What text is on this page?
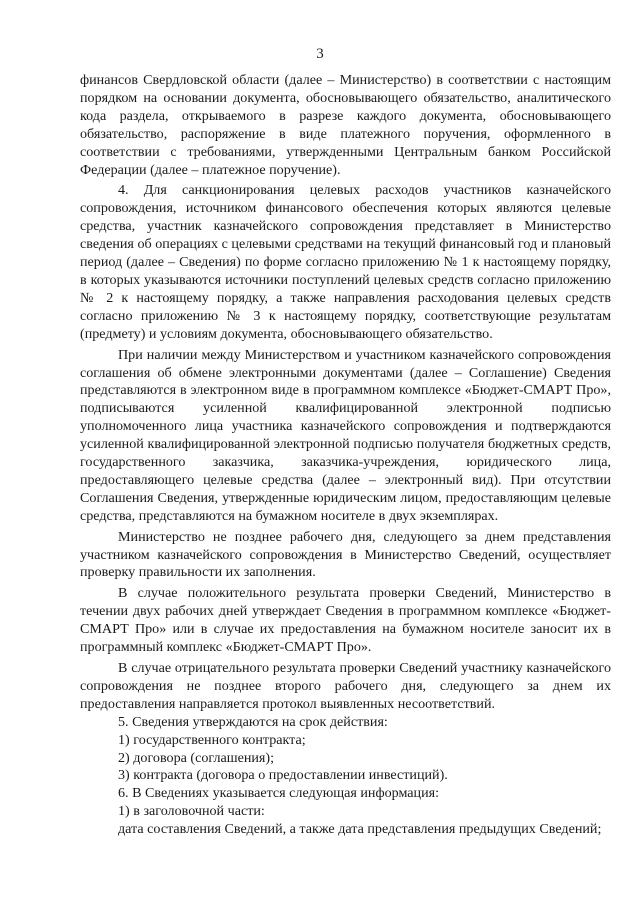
3

финансов Свердловской области (далее – Министерство) в соответствии с настоящим порядком на основании документа, обосновывающего обязательство, аналитического кода раздела, открываемого в разрезе каждого документа, обосновывающего обязательство, распоряжение в виде платежного поручения, оформленного в соответствии с требованиями, утвержденными Центральным банком Российской Федерации (далее – платежное поручение).

4. Для санкционирования целевых расходов участников казначейского сопровождения, источником финансового обеспечения которых являются целевые средства, участник казначейского сопровождения представляет в Министерство сведения об операциях с целевыми средствами на текущий финансовый год и плановый период (далее – Сведения) по форме согласно приложению № 1 к настоящему порядку, в которых указываются источники поступлений целевых средств согласно приложению № 2 к настоящему порядку, а также направления расходования целевых средств согласно приложению № 3 к настоящему порядку, соответствующие результатам (предмету) и условиям документа, обосновывающего обязательство.

При наличии между Министерством и участником казначейского сопровождения соглашения об обмене электронными документами (далее – Соглашение) Сведения представляются в электронном виде в программном комплексе «Бюджет-СМАРТ Про», подписываются усиленной квалифицированной электронной подписью уполномоченного лица участника казначейского сопровождения и подтверждаются усиленной квалифицированной электронной подписью получателя бюджетных средств, государственного заказчика, заказчика-учреждения, юридического лица, предоставляющего целевые средства (далее – электронный вид). При отсутствии Соглашения Сведения, утвержденные юридическим лицом, предоставляющим целевые средства, представляются на бумажном носителе в двух экземплярах.

Министерство не позднее рабочего дня, следующего за днем представления участником казначейского сопровождения в Министерство Сведений, осуществляет проверку правильности их заполнения.

В случае положительного результата проверки Сведений, Министерство в течении двух рабочих дней утверждает Сведения в программном комплексе «Бюджет-СМАРТ Про» или в случае их предоставления на бумажном носителе заносит их в программный комплекс «Бюджет-СМАРТ Про».

В случае отрицательного результата проверки Сведений участнику казначейского сопровождения не позднее второго рабочего дня, следующего за днем их предоставления направляется протокол выявленных несоответствий.

5. Сведения утверждаются на срок действия:

1) государственного контракта;

2) договора (соглашения);

3) контракта (договора о предоставлении инвестиций).

6. В Сведениях указывается следующая информация:

1) в заголовочной части:

дата составления Сведений, а также дата представления предыдущих Сведений;
